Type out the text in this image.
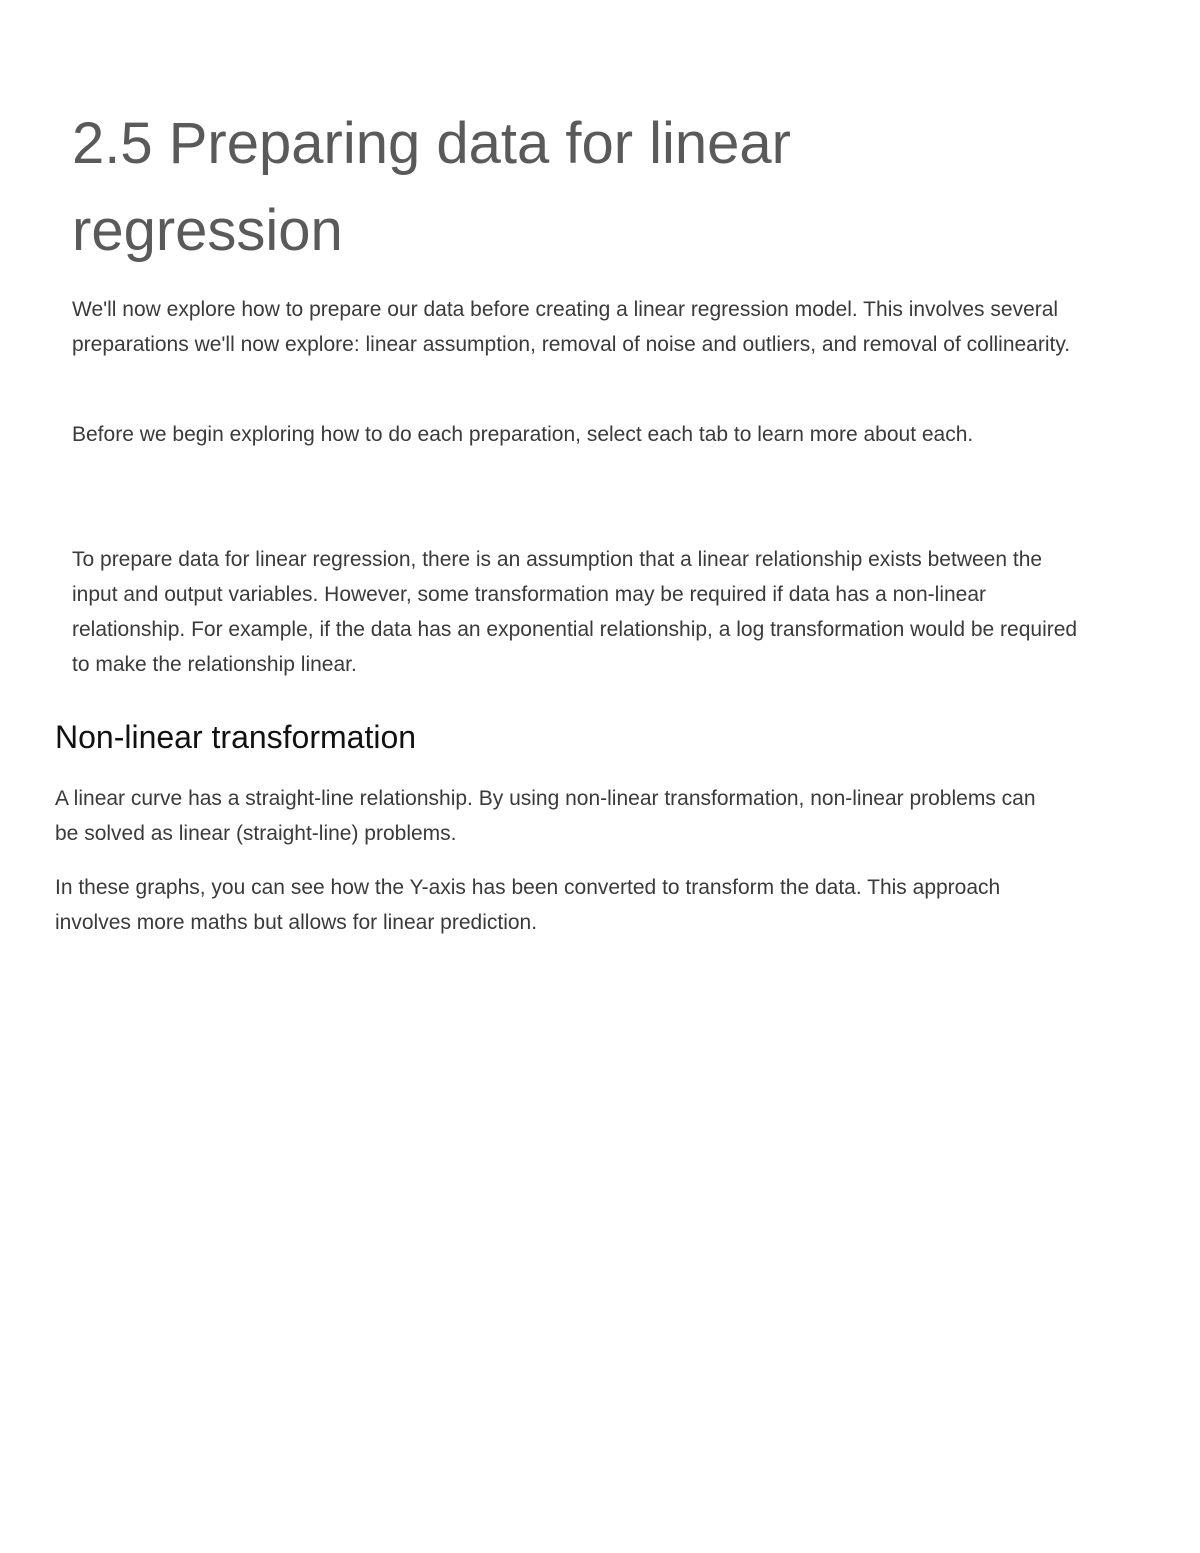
2.5 Preparing data for linear regression

We'll now explore how to prepare our data before creating a linear regression model. This involves several preparations we'll now explore: linear assumption, removal of noise and outliers, and removal of collinearity.

Before we begin exploring how to do each preparation, select each tab to learn more about each.

To prepare data for linear regression, there is an assumption that a linear relationship exists between the input and output variables. However, some transformation may be required if data has a non-linear relationship. For example, if the data has an exponential relationship, a log transformation would be required to make the relationship linear.

Non-linear transformation

A linear curve has a straight-line relationship. By using non-linear transformation, non-linear problems can be solved as linear (straight-line) problems.

In these graphs, you can see how the Y-axis has been converted to transform the data. This approach involves more maths but allows for linear prediction.
